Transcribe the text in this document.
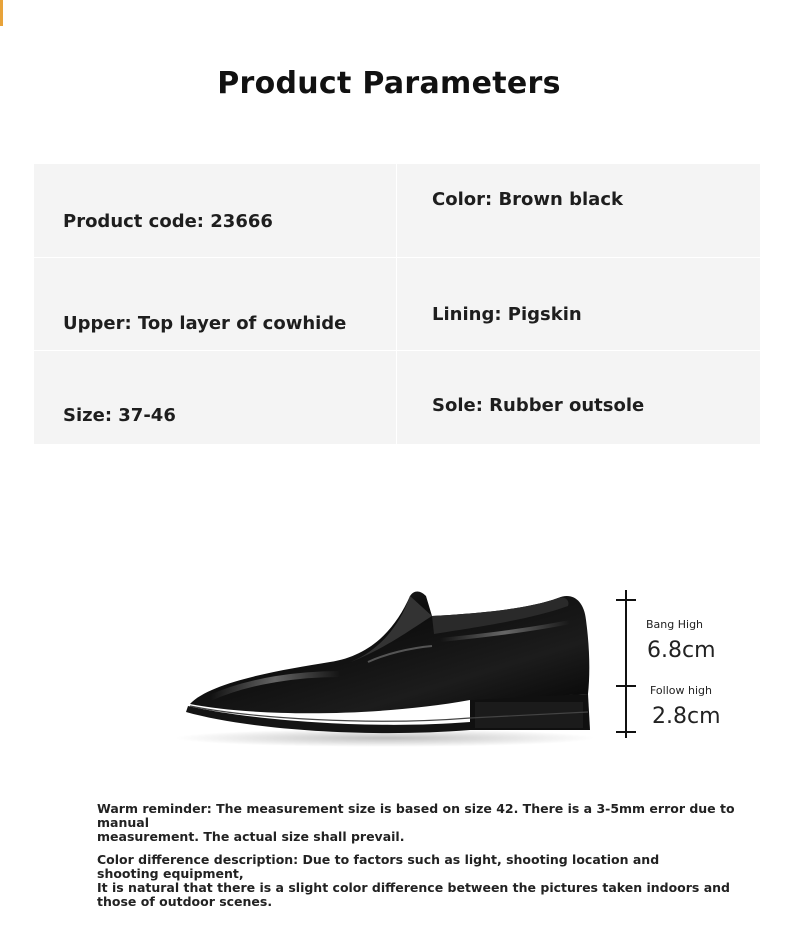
Product Parameters
Product code: 23666
Color: Brown black
Upper: Top layer of cowhide	Lining: Pigskin
Size: 37-46	Sole: Rubber outsole
Bang High
6.8cm
Follow high
2.8cm

Warm reminder: The measurement size is based on size 42. There is a 3-5mm error due to manual
measurement. The actual size shall prevail.

Color difference description: Due to factors such as light, shooting location and
shooting equipment,
It is natural that there is a slight color difference between the pictures taken indoors and
those of outdoor scenes.
